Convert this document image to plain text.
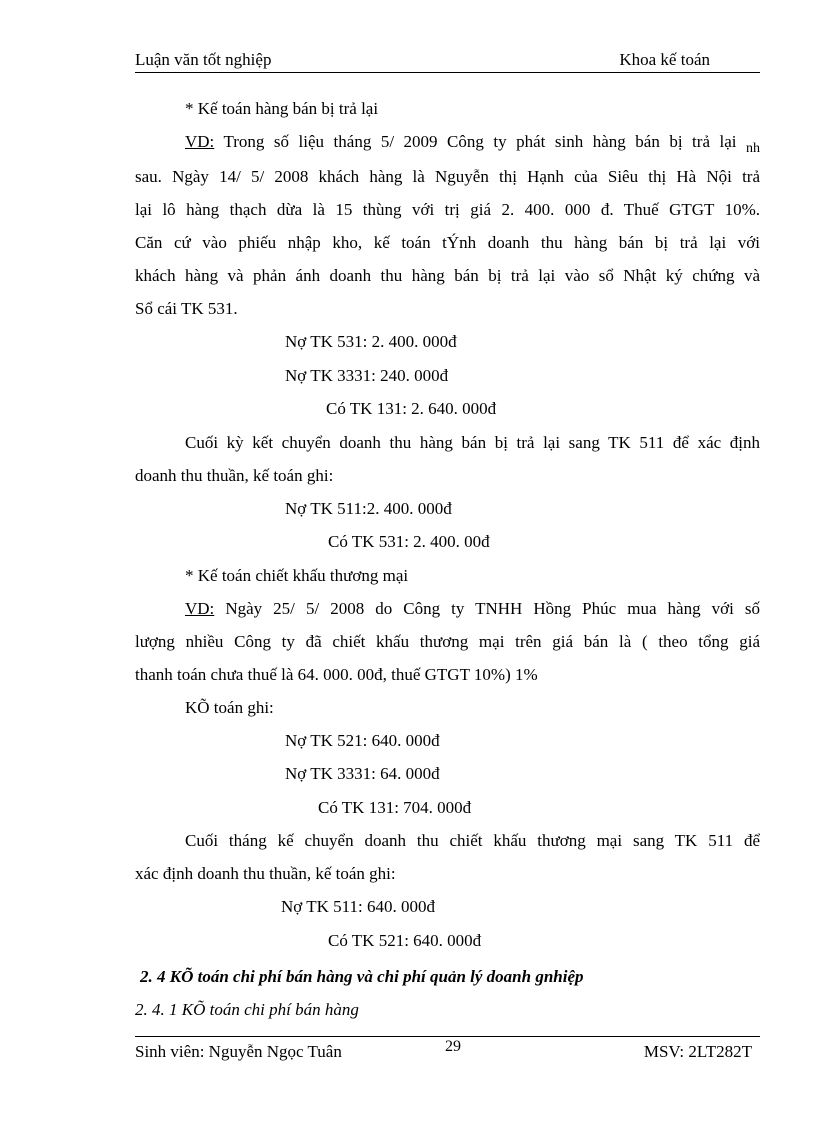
Luận văn tốt nghiệp	Khoa kế toán

* Kế toán hàng bán bị trả lại

VD: Trong số liệu tháng 5/ 2009 Công ty phát sinh hàng bán bị trả lại $_{nh}$

sau. Ngày 14/ 5/ 2008 khách hàng là Nguyễn thị Hạnh của Siêu thị Hà Nội trả

lại lô hàng thạch dừa là 15 thùng với trị giá 2. 400. 000 đ. Thuế GTGT 10%.

Căn cứ vào phiếu nhập kho, kế toán tÝnh doanh thu hàng bán bị trả lại với

khách hàng và phản ánh doanh thu hàng bán bị trả lại vào sổ Nhật ký chứng và

Sổ cái TK 531.

Nợ TK 531: 2. 400. 000đ

Nợ TK 3331: 240. 000đ

Có TK 131: 2. 640. 000đ

Cuối kỳ kết chuyển doanh thu hàng bán bị trả lại sang TK 511 để xác định

doanh thu thuần, kế toán ghi:

Nợ TK 511:2. 400. 000đ

Có TK 531: 2. 400. 00đ

* Kế toán chiết khấu thương mại

VD: Ngày 25/ 5/ 2008 do Công ty TNHH Hồng Phúc mua hàng với số

lượng nhiều Công ty đã chiết khấu thương mại trên giá bán là ( theo tổng giá

thanh toán chưa thuế là 64. 000. 00đ, thuế GTGT 10%) 1%

KÕ toán ghi:

Nợ TK 521: 640. 000đ

Nợ TK 3331: 64. 000đ

Có TK 131: 704. 000đ

Cuối tháng kế chuyển doanh thu chiết khấu thương mại sang TK 511 để

xác định doanh thu thuần, kế toán ghi:

Nợ TK 511: 640. 000đ

Có TK 521: 640. 000đ

2. 4 KÕ toán chi phí bán hàng và chi phí quản lý doanh gnhiệp

2. 4. 1 KÕ toán chi phí bán hàng

Sinh viên: Nguyễn Ngọc Tuân	29	MSV: 2LT282T
